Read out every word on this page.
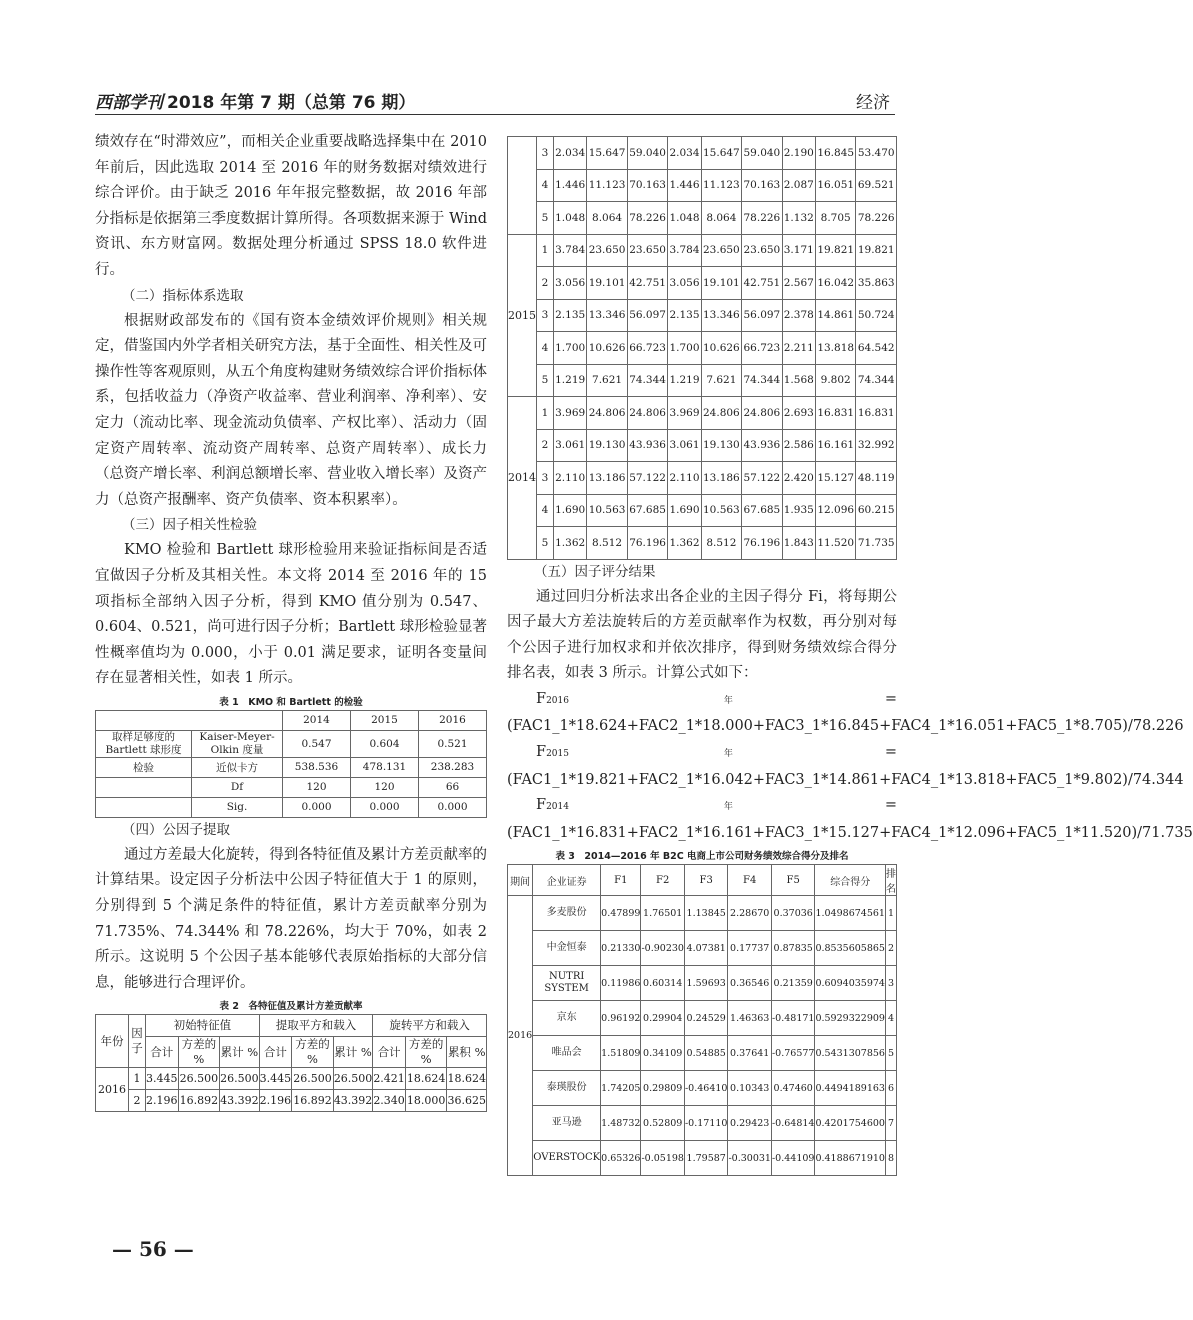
西部学刊 2018 年第 7 期（总第 76 期）	经济

绩效存在“时滞效应”，而相关企业重要战略选择集中在 2010 年前后，因此选取 2014 至 2016 年的财务数据对绩效进行综合评价。由于缺乏 2016 年年报完整数据，故 2016 年部分指标是依据第三季度数据计算所得。各项数据来源于 Wind 资讯、东方财富网。数据处理分析通过 SPSS 18.0 软件进行。

（二）指标体系选取

根据财政部发布的《国有资本金绩效评价规则》相关规定，借鉴国内外学者相关研究方法，基于全面性、相关性及可操作性等客观原则，从五个角度构建财务绩效综合评价指标体系，包括收益力（净资产收益率、营业利润率、净利率）、安定力（流动比率、现金流动负债率、产权比率）、活动力（固定资产周转率、流动资产周转率、总资产周转率）、成长力（总资产增长率、利润总额增长率、营业收入增长率）及资产力（总资产报酬率、资产负债率、资本积累率）。

（三）因子相关性检验

KMO 检验和 Bartlett 球形检验用来验证指标间是否适宜做因子分析及其相关性。本文将 2014 至 2016 年的 15 项指标全部纳入因子分析，得到 KMO 值分别为 0.547、0.604、0.521，尚可进行因子分析；Bartlett 球形检验显著性概率值均为 0.000，小于 0.01 满足要求，证明各变量间存在显著相关性，如表 1 所示。

表 1　KMO 和 Bartlett 的检验
		2014	2015	2016
取样足够度的 Bartlett 球形度	Kaiser-Meyer-Olkin 度量	0.547	0.604	0.521
检验	近似卡方	538.536	478.131	238.283
	Df	120	120	66
	Sig.	0.000	0.000	0.000
（四）公因子提取

通过方差最大化旋转，得到各特征值及累计方差贡献率的计算结果。设定因子分析法中公因子特征值大于 1 的原则，分别得到 5 个满足条件的特征值，累计方差贡献率分别为 71.735%、74.344% 和 78.226%，均大于 70%，如表 2 所示。这说明 5 个公因子基本能够代表原始指标的大部分信息，能够进行合理评价。

表 2　各特征值及累计方差贡献率
年份	因子	初始特征值			提取平方和载入			旋转平方和载入		
		合计	方差的 %	累计 %	合计	方差的 %	累计 %	合计	方差的 %	累积 %
2016	1	3.445	26.500	26.500	3.445	26.500	26.500	2.421	18.624	18.624
	2	2.196	16.892	43.392	2.196	16.892	43.392	2.340	18.000	36.625
	3	2.034	15.647	59.040	2.034	15.647	59.040	2.190	16.845	53.470
	4	1.446	11.123	70.163	1.446	11.123	70.163	2.087	16.051	69.521
	5	1.048	8.064	78.226	1.048	8.064	78.226	1.132	8.705	78.226
2015	1	3.784	23.650	23.650	3.784	23.650	23.650	3.171	19.821	19.821
	2	3.056	19.101	42.751	3.056	19.101	42.751	2.567	16.042	35.863
	3	2.135	13.346	56.097	2.135	13.346	56.097	2.378	14.861	50.724
	4	1.700	10.626	66.723	1.700	10.626	66.723	2.211	13.818	64.542
	5	1.219	7.621	74.344	1.219	7.621	74.344	1.568	9.802	74.344
2014	1	3.969	24.806	24.806	3.969	24.806	24.806	2.693	16.831	16.831
	2	3.061	19.130	43.936	3.061	19.130	43.936	2.586	16.161	32.992
	3	2.110	13.186	57.122	2.110	13.186	57.122	2.420	15.127	48.119
	4	1.690	10.563	67.685	1.690	10.563	67.685	1.935	12.096	60.215
	5	1.362	8.512	76.196	1.362	8.512	76.196	1.843	11.520	71.735
（五）因子评分结果

通过回归分析法求出各企业的主因子得分 Fi，将每期公因子最大方差法旋转后的方差贡献率作为权数，再分别对每个公因子进行加权求和并依次排序，得到财务绩效综合得分排名表，如表 3 所示。计算公式如下：

F2016 年=(FAC1_1*18.624+FAC2_1*18.000+FAC3_1*16.845+FAC4_1*16.051+FAC5_1*8.705)/78.226

F2015 年=(FAC1_1*19.821+FAC2_1*16.042+FAC3_1*14.861+FAC4_1*13.818+FAC5_1*9.802)/74.344

F2014 年=(FAC1_1*16.831+FAC2_1*16.161+FAC3_1*15.127+FAC4_1*12.096+FAC5_1*11.520)/71.735

表 3　2014—2016 年 B2C 电商上市公司财务绩效综合得分及排名
期间	企业证券	F1	F2	F3	F4	F5	综合得分	排名
2016	多麦股份	0.47899	1.76501	1.13845	2.28670	0.37036	1.0498674561	1
	中金恒泰	0.21330	-0.90230	4.07381	0.17737	0.87835	0.8535605865	2
	NUTRI SYSTEM	0.11986	0.60314	1.59693	0.36546	0.21359	0.6094035974	3
	京东	0.96192	0.29904	0.24529	1.46363	-0.48171	0.5929322909	4
	唯品会	1.51809	0.34109	0.54885	0.37641	-0.76577	0.5431307856	5
	泰瑛股份	1.74205	0.29809	-0.46410	0.10343	0.47460	0.4494189163	6
	亚马逊	1.48732	0.52809	-0.17110	0.29423	-0.64814	0.4201754600	7
	OVERSTOCK	0.65326	-0.05198	1.79587	-0.30031	-0.44109	0.4188671910	8
— 56 —
